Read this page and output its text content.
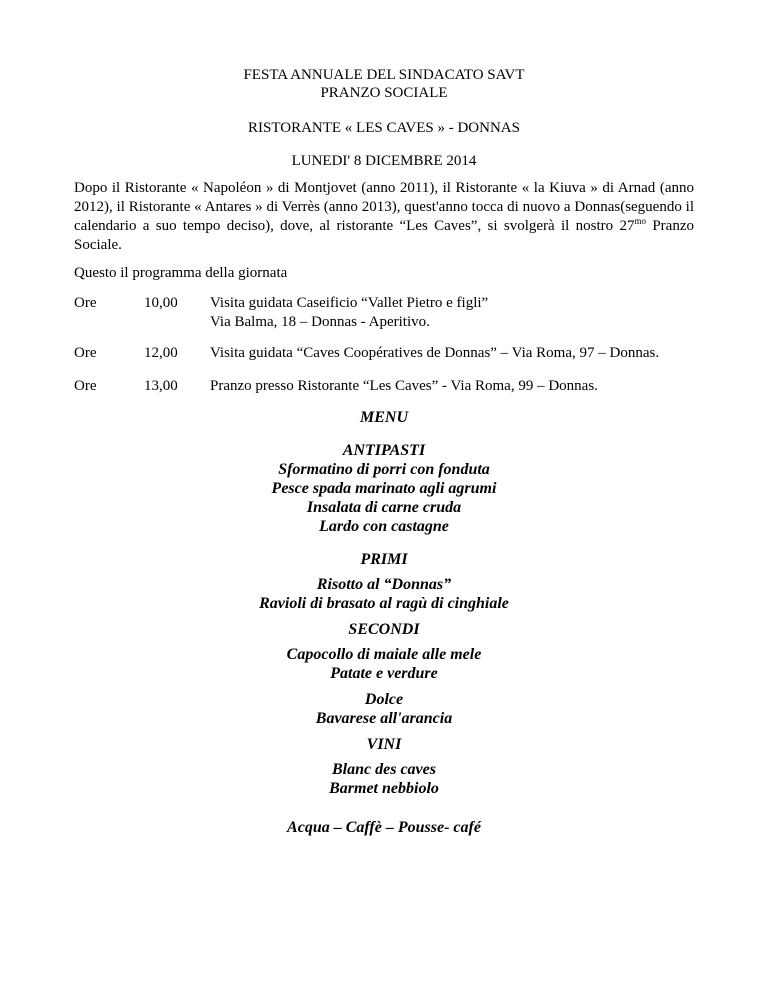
FESTA ANNUALE DEL SINDACATO SAVT
PRANZO SOCIALE
RISTORANTE « LES CAVES » - DONNAS
LUNEDI' 8 DICEMBRE 2014
Dopo il Ristorante « Napoléon » di Montjovet (anno 2011), il Ristorante « la Kiuva » di Arnad (anno 2012), il Ristorante « Antares » di Verrès (anno 2013), quest'anno tocca di nuovo a Donnas(seguendo il calendario a suo tempo deciso), dove, al ristorante “Les Caves”, si svolgerà il nostro $27^{mo}$ Pranzo Sociale.
Questo il programma della giornata
Ore	10,00 Visita guidata Caseificio “Vallet Pietro e figli”
Via Balma, 18 – Donnas - Aperitivo.
Ore	12,00 Visita guidata “Caves Coopératives de Donnas” – Via Roma, 97 – Donnas.
Ore	13,00 Pranzo presso Ristorante “Les Caves” - Via Roma, 99 – Donnas.
MENU
ANTIPASTI
Sformatino di porri con fonduta
Pesce spada marinato agli agrumi
Insalata di carne cruda
Lardo con castagne
PRIMI
Risotto al “Donnas”
Ravioli di brasato al ragù di cinghiale
SECONDI
Capocollo di maiale alle mele
Patate e verdure
Dolce
Bavarese all'arancia
VINI
Blanc des caves
Barmet nebbiolo
Acqua – Caffè – Pousse- café
